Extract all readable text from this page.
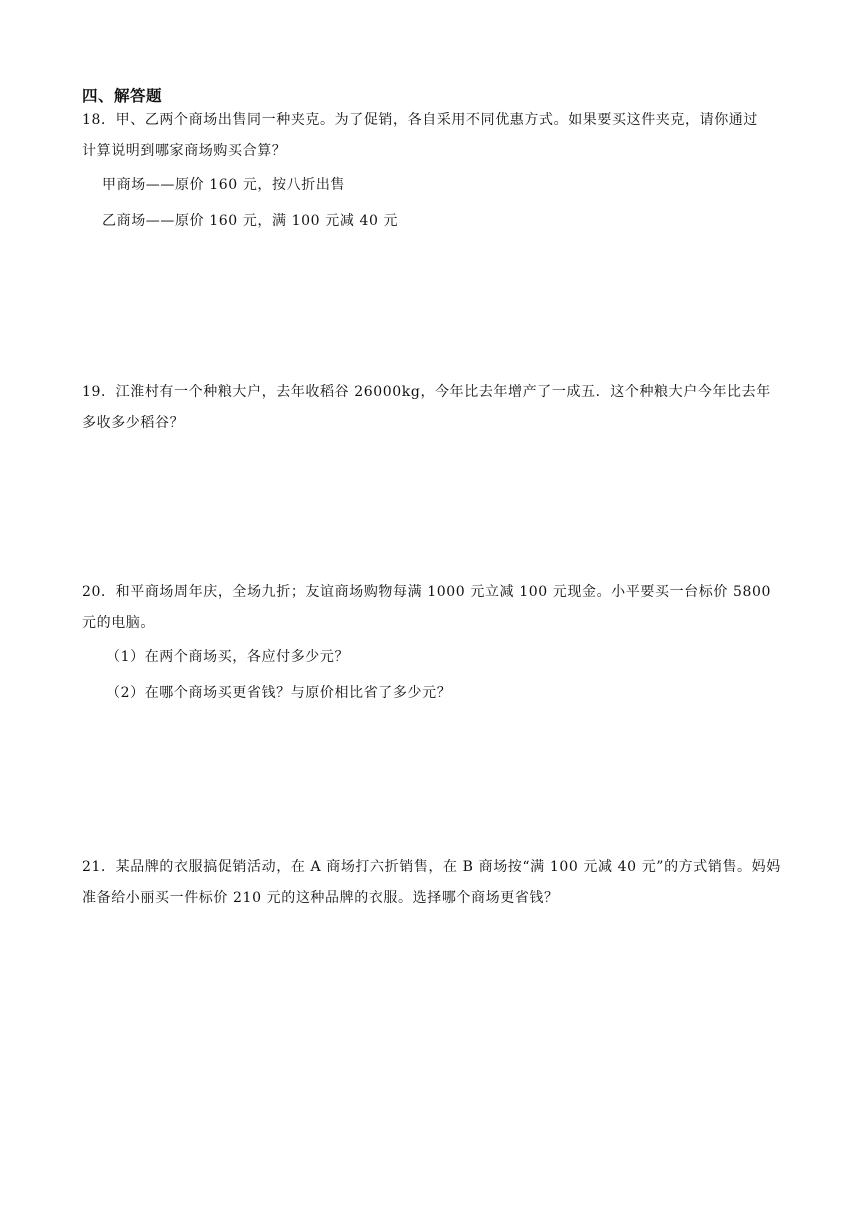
四、解答题
18．甲、乙两个商场出售同一种夹克。为了促销，各自采用不同优惠方式。如果要买这件夹克，请你通过
计算说明到哪家商场购买合算？
甲商场——原价 160 元，按八折出售
乙商场——原价 160 元，满 100 元减 40 元
19．江淮村有一个种粮大户，去年收稻谷 26000kg，今年比去年增产了一成五．这个种粮大户今年比去年
多收多少稻谷？
20．和平商场周年庆，全场九折；友谊商场购物每满 1000 元立减 100 元现金。小平要买一台标价 5800
元的电脑。
（1）在两个商场买，各应付多少元？
（2）在哪个商场买更省钱？与原价相比省了多少元？
21．某品牌的衣服搞促销活动，在 A 商场打六折销售，在 B 商场按“满 100 元减 40 元”的方式销售。妈妈
准备给小丽买一件标价 210 元的这种品牌的衣服。选择哪个商场更省钱？
